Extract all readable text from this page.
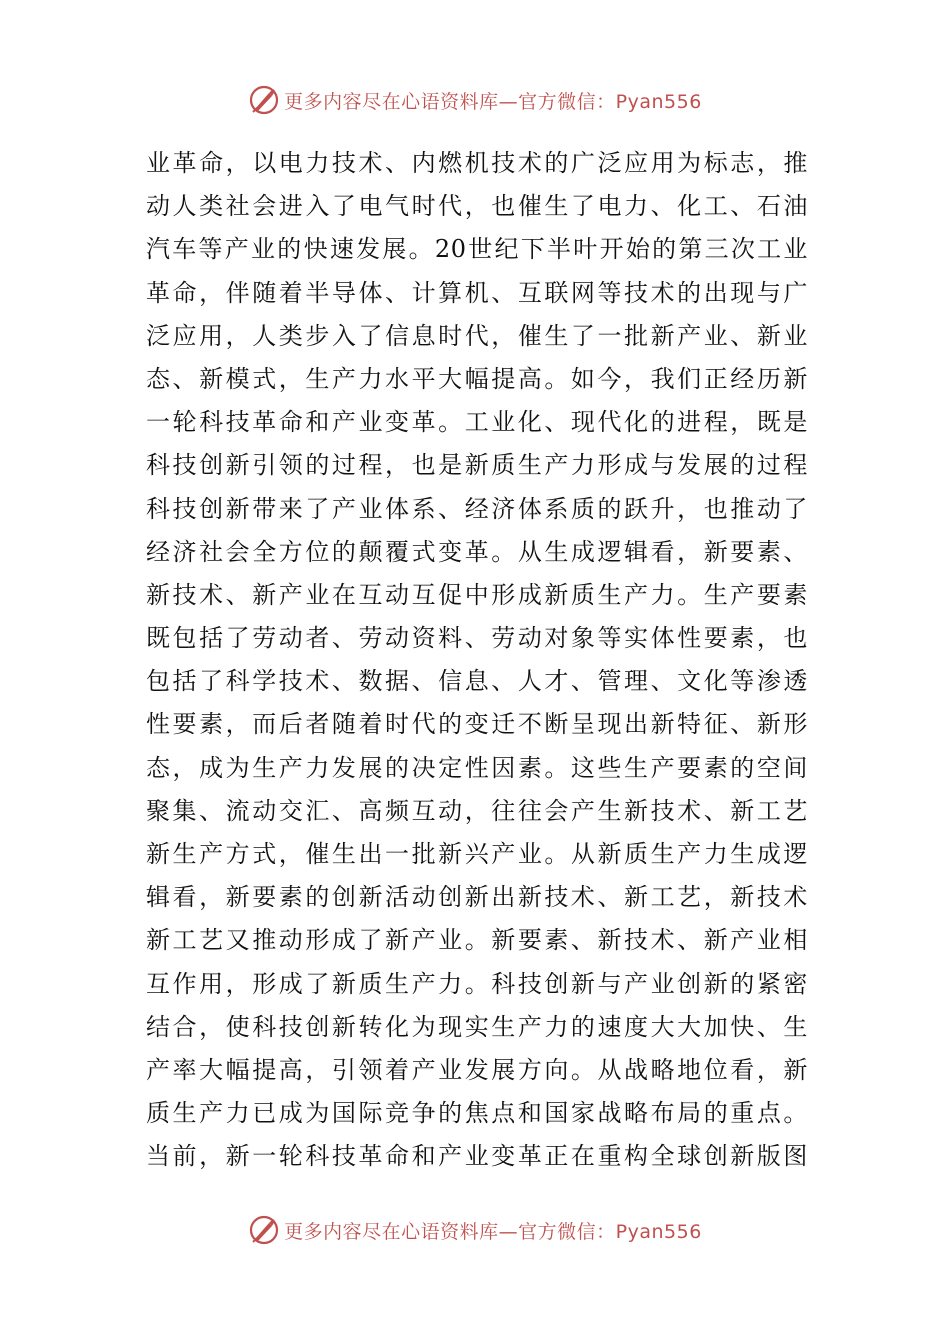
更多内容尽在心语资料库—官方微信：Pyan556
业革命，以电力技术、内燃机技术的广泛应用为标志，推
动人类社会进入了电气时代，也催生了电力、化工、石油
汽车等产业的快速发展。20世纪下半叶开始的第三次工业
革命，伴随着半导体、计算机、互联网等技术的出现与广
泛应用，人类步入了信息时代，催生了一批新产业、新业
态、新模式，生产力水平大幅提高。如今，我们正经历新
一轮科技革命和产业变革。工业化、现代化的进程，既是
科技创新引领的过程，也是新质生产力形成与发展的过程
科技创新带来了产业体系、经济体系质的跃升，也推动了
经济社会全方位的颠覆式变革。从生成逻辑看，新要素、
新技术、新产业在互动互促中形成新质生产力。生产要素
既包括了劳动者、劳动资料、劳动对象等实体性要素，也
包括了科学技术、数据、信息、人才、管理、文化等渗透
性要素，而后者随着时代的变迁不断呈现出新特征、新形
态，成为生产力发展的决定性因素。这些生产要素的空间
聚集、流动交汇、高频互动，往往会产生新技术、新工艺
新生产方式，催生出一批新兴产业。从新质生产力生成逻
辑看，新要素的创新活动创新出新技术、新工艺，新技术
新工艺又推动形成了新产业。新要素、新技术、新产业相
互作用，形成了新质生产力。科技创新与产业创新的紧密
结合，使科技创新转化为现实生产力的速度大大加快、生
产率大幅提高，引领着产业发展方向。从战略地位看，新
质生产力已成为国际竞争的焦点和国家战略布局的重点。
当前，新一轮科技革命和产业变革正在重构全球创新版图
更多内容尽在心语资料库—官方微信：Pyan556
